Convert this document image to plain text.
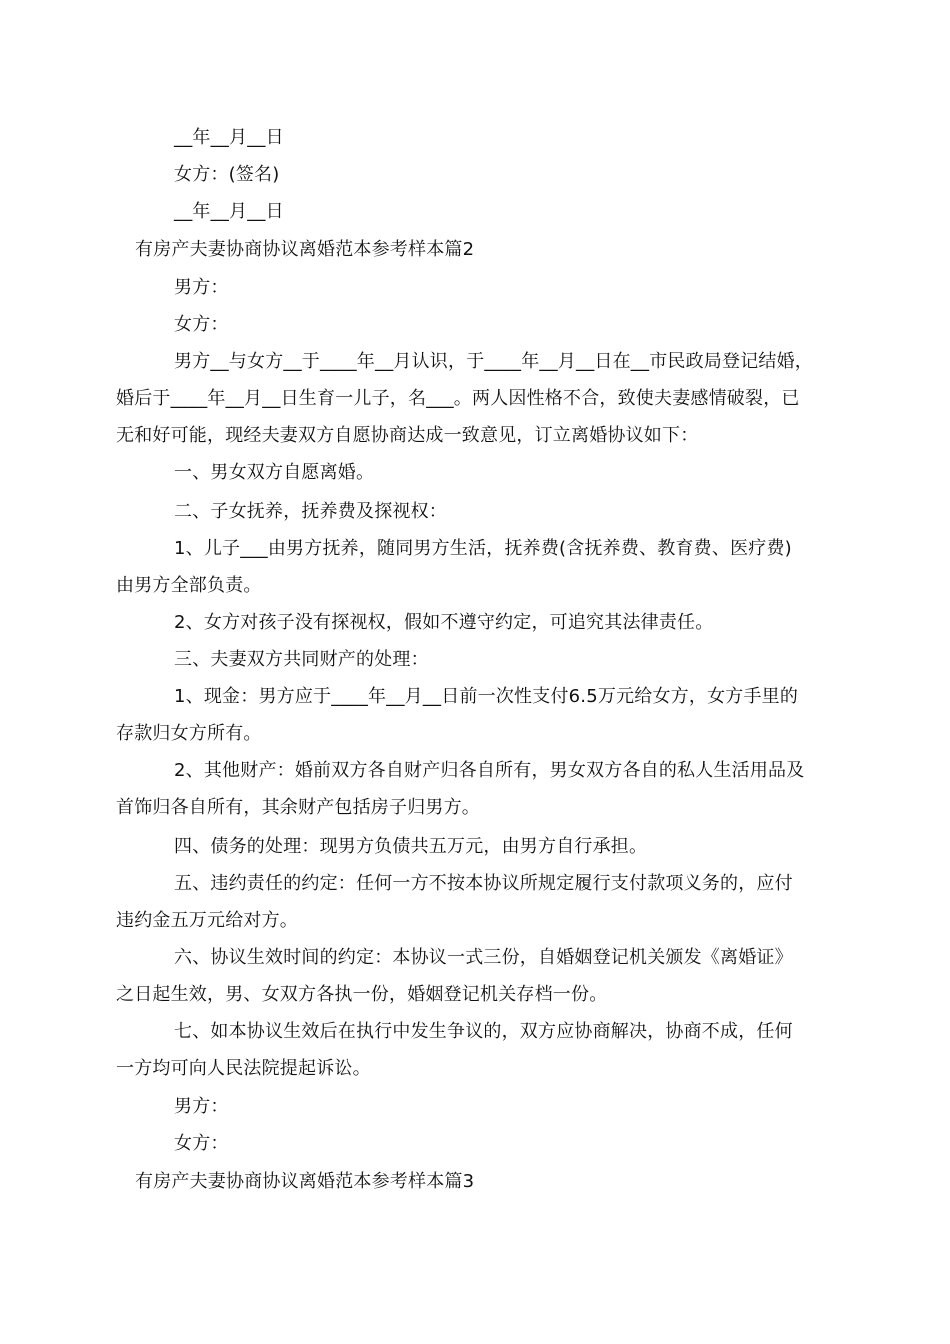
__年__月__日
女方：(签名)
__年__月__日
有房产夫妻协商协议离婚范本参考样本篇2
男方：
女方：
男方__与女方__于____年__月认识，于____年__月__日在__市民政局登记结婚，
婚后于____年__月__日生育一儿子，名___。两人因性格不合，致使夫妻感情破裂，已
无和好可能，现经夫妻双方自愿协商达成一致意见，订立离婚协议如下：
一、男女双方自愿离婚。
二、子女抚养，抚养费及探视权：
1、儿子___由男方抚养，随同男方生活，抚养费(含抚养费、教育费、医疗费)
由男方全部负责。
2、女方对孩子没有探视权，假如不遵守约定，可追究其法律责任。
三、夫妻双方共同财产的处理：
1、现金：男方应于____年__月__日前一次性支付6.5万元给女方，女方手里的
存款归女方所有。
2、其他财产：婚前双方各自财产归各自所有，男女双方各自的私人生活用品及
首饰归各自所有，其余财产包括房子归男方。
四、债务的处理：现男方负债共五万元，由男方自行承担。
五、违约责任的约定：任何一方不按本协议所规定履行支付款项义务的，应付
违约金五万元给对方。
六、协议生效时间的约定：本协议一式三份，自婚姻登记机关颁发《离婚证》
之日起生效，男、女双方各执一份，婚姻登记机关存档一份。
七、如本协议生效后在执行中发生争议的，双方应协商解决，协商不成，任何
一方均可向人民法院提起诉讼。
男方：
女方：
有房产夫妻协商协议离婚范本参考样本篇3
